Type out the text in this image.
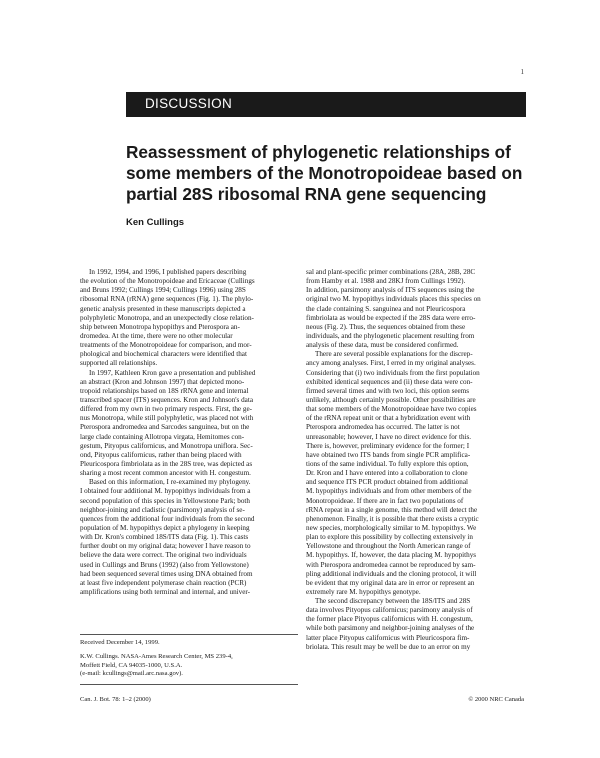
1
DISCUSSION
Reassessment of phylogenetic relationships of
some members of the Monotropoideae based on
partial 28S ribosomal RNA gene sequencing
Ken Cullings
In 1992, 1994, and 1996, I published papers describing
the evolution of the Monotropoideae and Ericaceae (Cullings
and Bruns 1992; Cullings 1994; Cullings 1996) using 28S
ribosomal RNA (rRNA) gene sequences (Fig. 1). The phylo-
genetic analysis presented in these manuscripts depicted a
polyphyletic Monotropa, and an unexpectedly close relation-
ship between Monotropa hypopithys and Pterospora an-
dromedea. At the time, there were no other molecular
treatments of the Monotropoideae for comparison, and mor-
phological and biochemical characters were identified that
supported all relationships.
In 1997, Kathleen Kron gave a presentation and published
an abstract (Kron and Johnson 1997) that depicted mono-
tropoid relationships based on 18S rRNA gene and internal
transcribed spacer (ITS) sequences. Kron and Johnson's data
differed from my own in two primary respects. First, the ge-
nus Monotropa, while still polyphyletic, was placed not with
Pterospora andromedea and Sarcodes sanguinea, but on the
large clade containing Allotropa virgata, Hemitomes con-
gestum, Pityopus californicus, and Monotropa uniflora. Sec-
ond, Pityopus californicus, rather than being placed with
Pleuricospora fimbriolata as in the 28S tree, was depicted as
sharing a most recent common ancestor with H. congestum.
Based on this information, I re-examined my phylogeny.
I obtained four additional M. hypopithys individuals from a
second population of this species in Yellowstone Park; both
neighbor-joining and cladistic (parsimony) analysis of se-
quences from the additional four individuals from the second
population of M. hypopithys depict a phylogeny in keeping
with Dr. Kron's combined 18S/ITS data (Fig. 1). This casts
further doubt on my original data; however I have reason to
believe the data were correct. The original two individuals
used in Cullings and Bruns (1992) (also from Yellowstone)
had been sequenced several times using DNA obtained from
at least five independent polymerase chain reaction (PCR)
amplifications using both terminal and internal, and univer-
sal and plant-specific primer combinations (28A, 28B, 28C
from Hamby et al. 1988 and 28KJ from Cullings 1992).
In addition, parsimony analysis of ITS sequences using the
original two M. hypopithys individuals places this species on
the clade containing S. sanguinea and not Pleuricospora
fimbriolata as would be expected if the 28S data were erro-
neous (Fig. 2). Thus, the sequences obtained from these
individuals, and the phylogenetic placement resulting from
analysis of these data, must be considered confirmed.
There are several possible explanations for the discrep-
ancy among analyses. First, I erred in my original analyses.
Considering that (i) two individuals from the first population
exhibited identical sequences and (ii) these data were con-
firmed several times and with two loci, this option seems
unlikely, although certainly possible. Other possibilities are
that some members of the Monotropoideae have two copies
of the rRNA repeat unit or that a hybridization event with
Pterospora andromedea has occurred. The latter is not
unreasonable; however, I have no direct evidence for this.
There is, however, preliminary evidence for the former; I
have obtained two ITS bands from single PCR amplifica-
tions of the same individual. To fully explore this option,
Dr. Kron and I have entered into a collaboration to clone
and sequence ITS PCR product obtained from additional
M. hypopithys individuals and from other members of the
Monotropoideae. If there are in fact two populations of
rRNA repeat in a single genome, this method will detect the
phenomenon. Finally, it is possible that there exists a cryptic
new species, morphologically similar to M. hypopithys. We
plan to explore this possibility by collecting extensively in
Yellowstone and throughout the North American range of
M. hypopithys. If, however, the data placing M. hypopithys
with Pterospora andromedea cannot be reproduced by sam-
pling additional individuals and the cloning protocol, it will
be evident that my original data are in error or represent an
extremely rare M. hypopithys genotype.
The second discrepancy between the 18S/ITS and 28S
data involves Pityopus californicus; parsimony analysis of
the former place Pityopus californicus with H. congestum,
while both parsimony and neighbor-joining analyses of the
latter place Pityopus californicus with Pleuricospora fim-
briolata. This result may be well be due to an error on my
Received December 14, 1999.
K.W. Cullings. NASA-Ames Research Center, MS 239-4,
Moffett Field, CA 94035-1000, U.S.A.
(e-mail: kcullings@mail.arc.nasa.gov).
Can. J. Bot. 78: 1–2 (2000)	© 2000 NRC Canada
